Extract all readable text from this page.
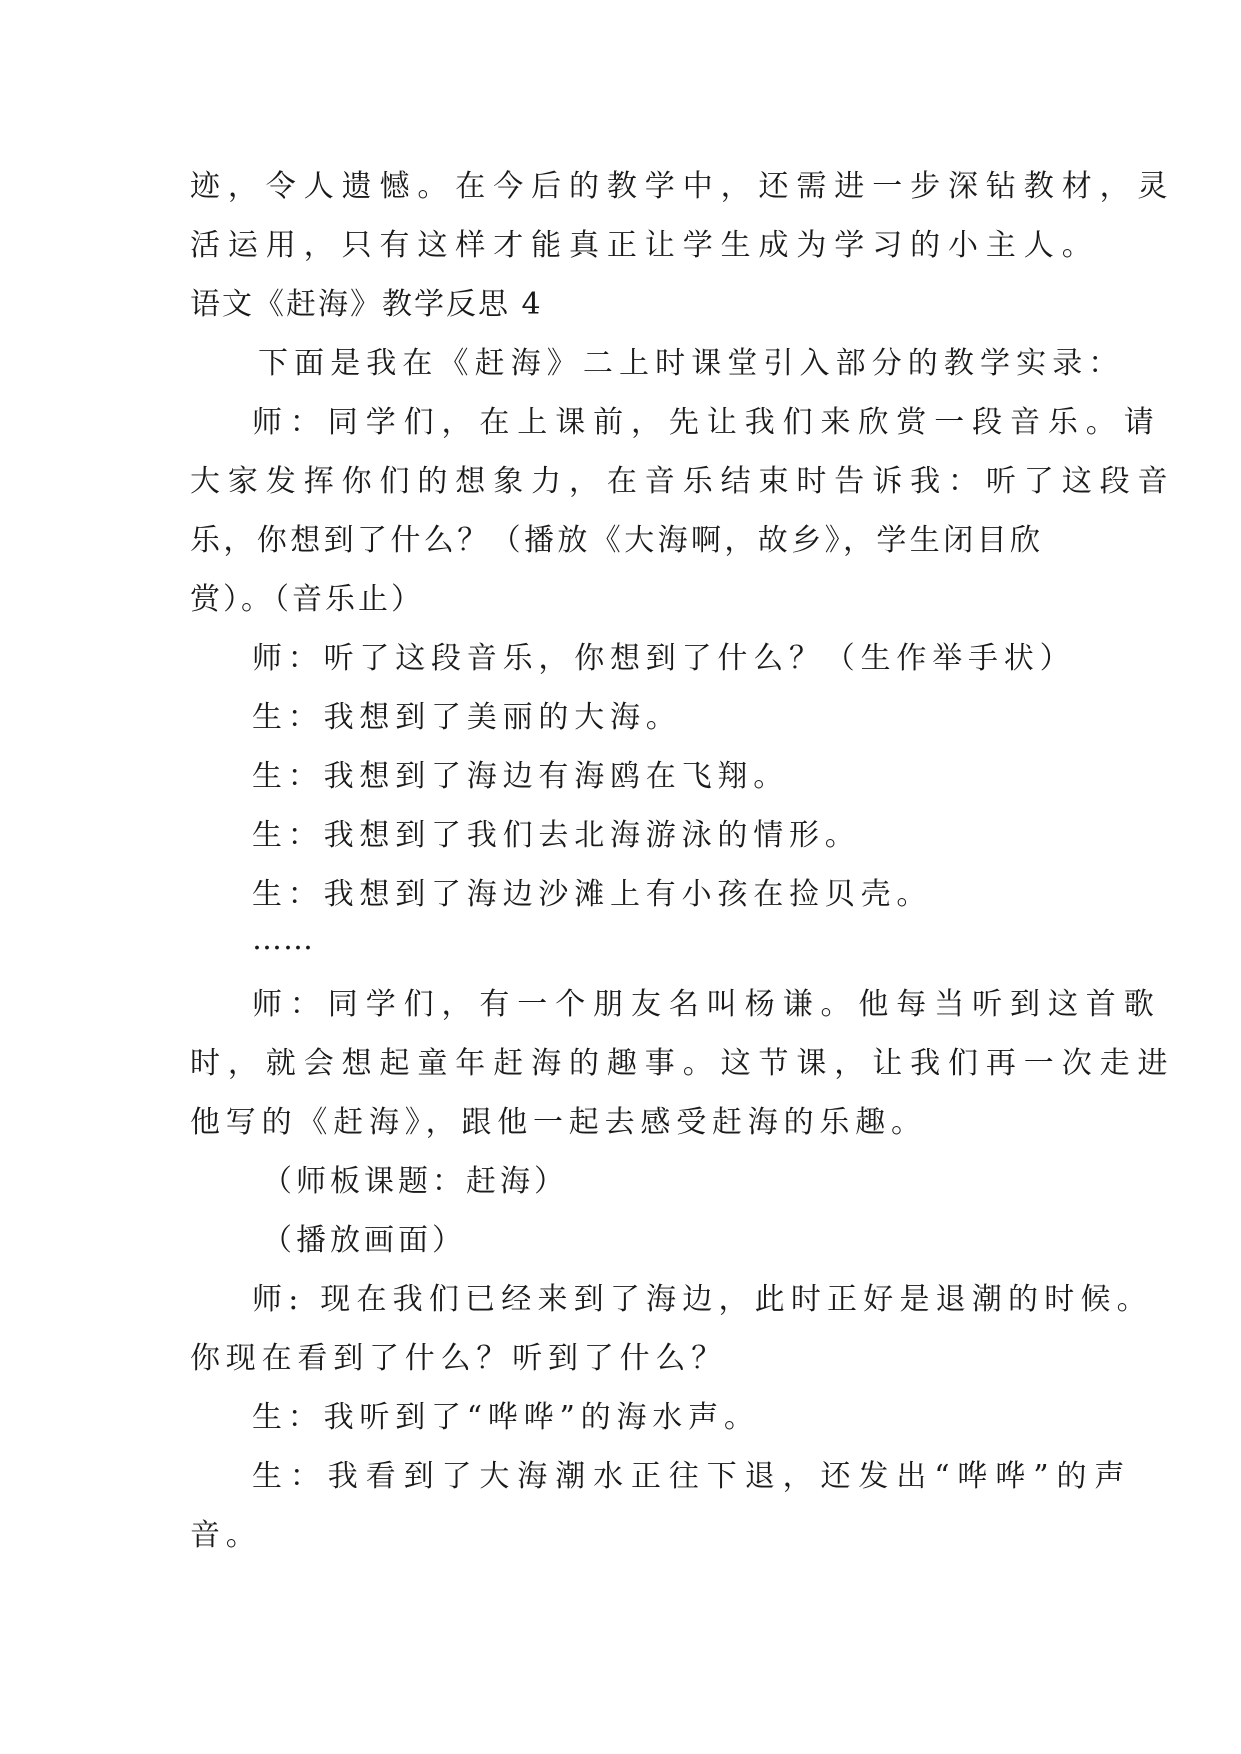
迹，令人遗憾。在今后的教学中，还需进一步深钻教材，灵
活运用，只有这样才能真正让学生成为学习的小主人。
语文《赶海》教学反思 4
下面是我在《赶海》二上时课堂引入部分的教学实录：
师：同学们，在上课前，先让我们来欣赏一段音乐。请
大家发挥你们的想象力，在音乐结束时告诉我：听了这段音
乐，你想到了什么？（播放《大海啊，故乡》，学生闭目欣
赏）。（音乐止）
师：听了这段音乐，你想到了什么？（生作举手状）
生：我想到了美丽的大海。
生：我想到了海边有海鸥在飞翔。
生：我想到了我们去北海游泳的情形。
生：我想到了海边沙滩上有小孩在捡贝壳。
……
师：同学们，有一个朋友名叫杨谦。他每当听到这首歌
时，就会想起童年赶海的趣事。这节课，让我们再一次走进
他写的《赶海》，跟他一起去感受赶海的乐趣。
（师板课题：赶海）
（播放画面）
师: 现在我们已经来到了海边，此时正好是退潮的时候。
你现在看到了什么？听到了什么？
生：我听到了“哗哗”的海水声。
生：我看到了大海潮水正往下退，还发出“哗哗”的声
音。
